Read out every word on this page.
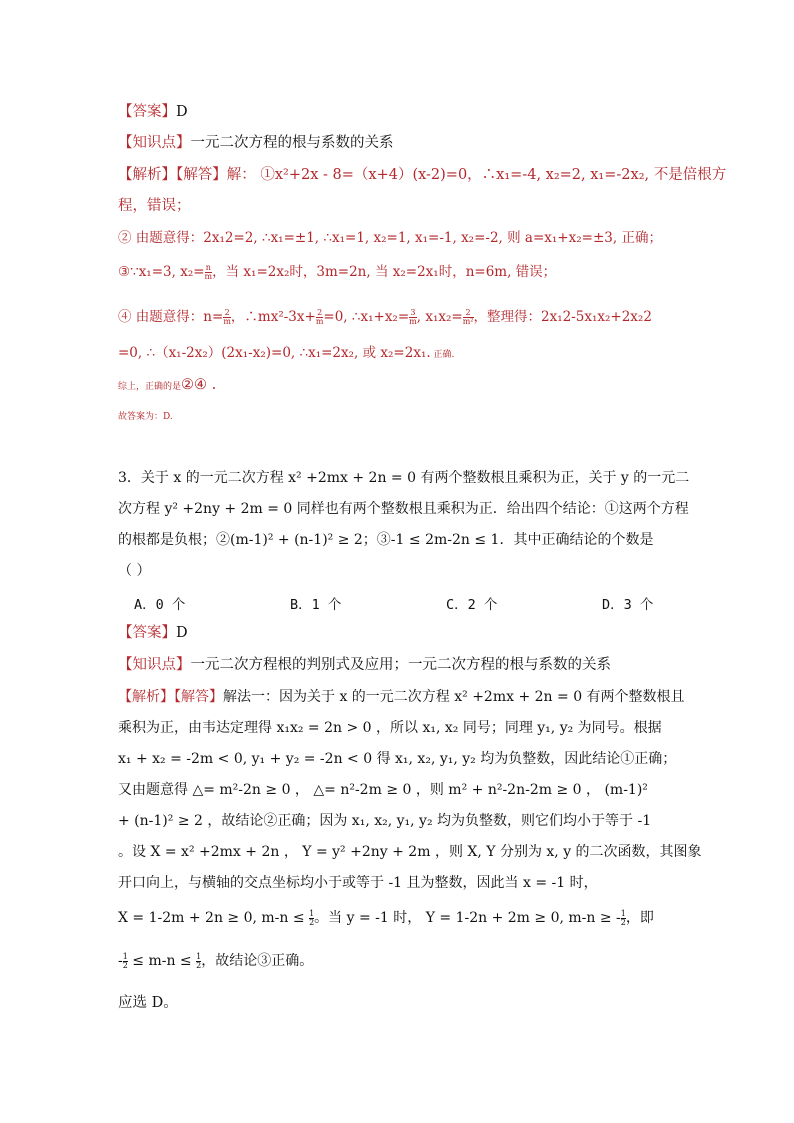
【答案】D
【知识点】一元二次方程的根与系数的关系
【解析】【解答】解： ①x²+2x - 8=（x+4）(x-2)=0，∴x₁=-4, x₂=2, x₁=-2x₂, 不是倍根方
程，错误；
② 由题意得：2x₁2=2, ∴x₁=±1, ∴x₁=1, x₂=1, x₁=-1, x₂=-2, 则 a=x₁+x₂=±3, 正确；
③∵x₁=3, $x_2= \frac{n}{m}$ ，当 x₁=2x₂时，3m=2n, 当 x₂=2x₁时，n=6m, 错误；
④ 由题意得：$n= \frac{2}{m}$ ，∴mx²-3x+ $\frac{2}{m} =0$, ∴x₁+x₂= $\frac{3}{m}$ , $x_1x_2= \frac{2}{\text{m²}}$ ，整理得：2x₁2-5x₁x₂+2x₂2
=0, ∴（x₁-2x₂）(2x₁-x₂)=0, ∴x₁=2x₂, 或 x₂=2x₁. 正确.
综上，正确的是②④ .
故答案为：D.
3．关于 x 的一元二次方程 x² +2mx + 2n = 0 有两个整数根且乘积为正，关于 y 的一元二
次方程 y² +2ny + 2m = 0 同样也有两个整数根且乘积为正．给出四个结论：①这两个方程
的根都是负根；②(m-1)² + (n-1)² ≥ 2；③-1 ≤ 2m-2n ≤ 1．其中正确结论的个数是
（ ）
A．0 个	B．1 个	C．2 个	D．3 个
【答案】D
【知识点】一元二次方程根的判别式及应用；一元二次方程的根与系数的关系
【解析】【解答】解法一：因为关于 x 的一元二次方程 x² +2mx + 2n = 0 有两个整数根且
乘积为正，由韦达定理得 x₁x₂ = 2n > 0 ，所以 x₁, x₂ 同号；同理 y₁, y₂ 为同号。根据
x₁ + x₂ = -2m < 0, y₁ + y₂ = -2n < 0 得 x₁, x₂, y₁, y₂ 均为负整数，因此结论①正确；
又由题意得 △= m²-2n ≥ 0 ， △= n²-2m ≥ 0 ，则 m² + n²-2n-2m ≥ 0 ， (m-1)²
+ (n-1)² ≥ 2 ，故结论②正确；因为 x₁, x₂, y₁, y₂ 均为负整数，则它们均小于等于 -1
。设 X = x² +2mx + 2n ， Y = y² +2ny + 2m ，则 X, Y 分别为 x, y 的二次函数，其图象
开口向上，与横轴的交点坐标均小于或等于 -1 且为整数，因此当 x = -1 时，
X = 1-2m + 2n ≥ 0, $m-n \le \frac{1}{2}$ 。当 y = -1 时， Y = 1-2n + 2m ≥ 0, m-n ≥ - $\frac{1}{2}$ ，即
- $\frac{1}{2} \le m-n \le \frac{1}{2}$ ，故结论③正确。
应选 D。
